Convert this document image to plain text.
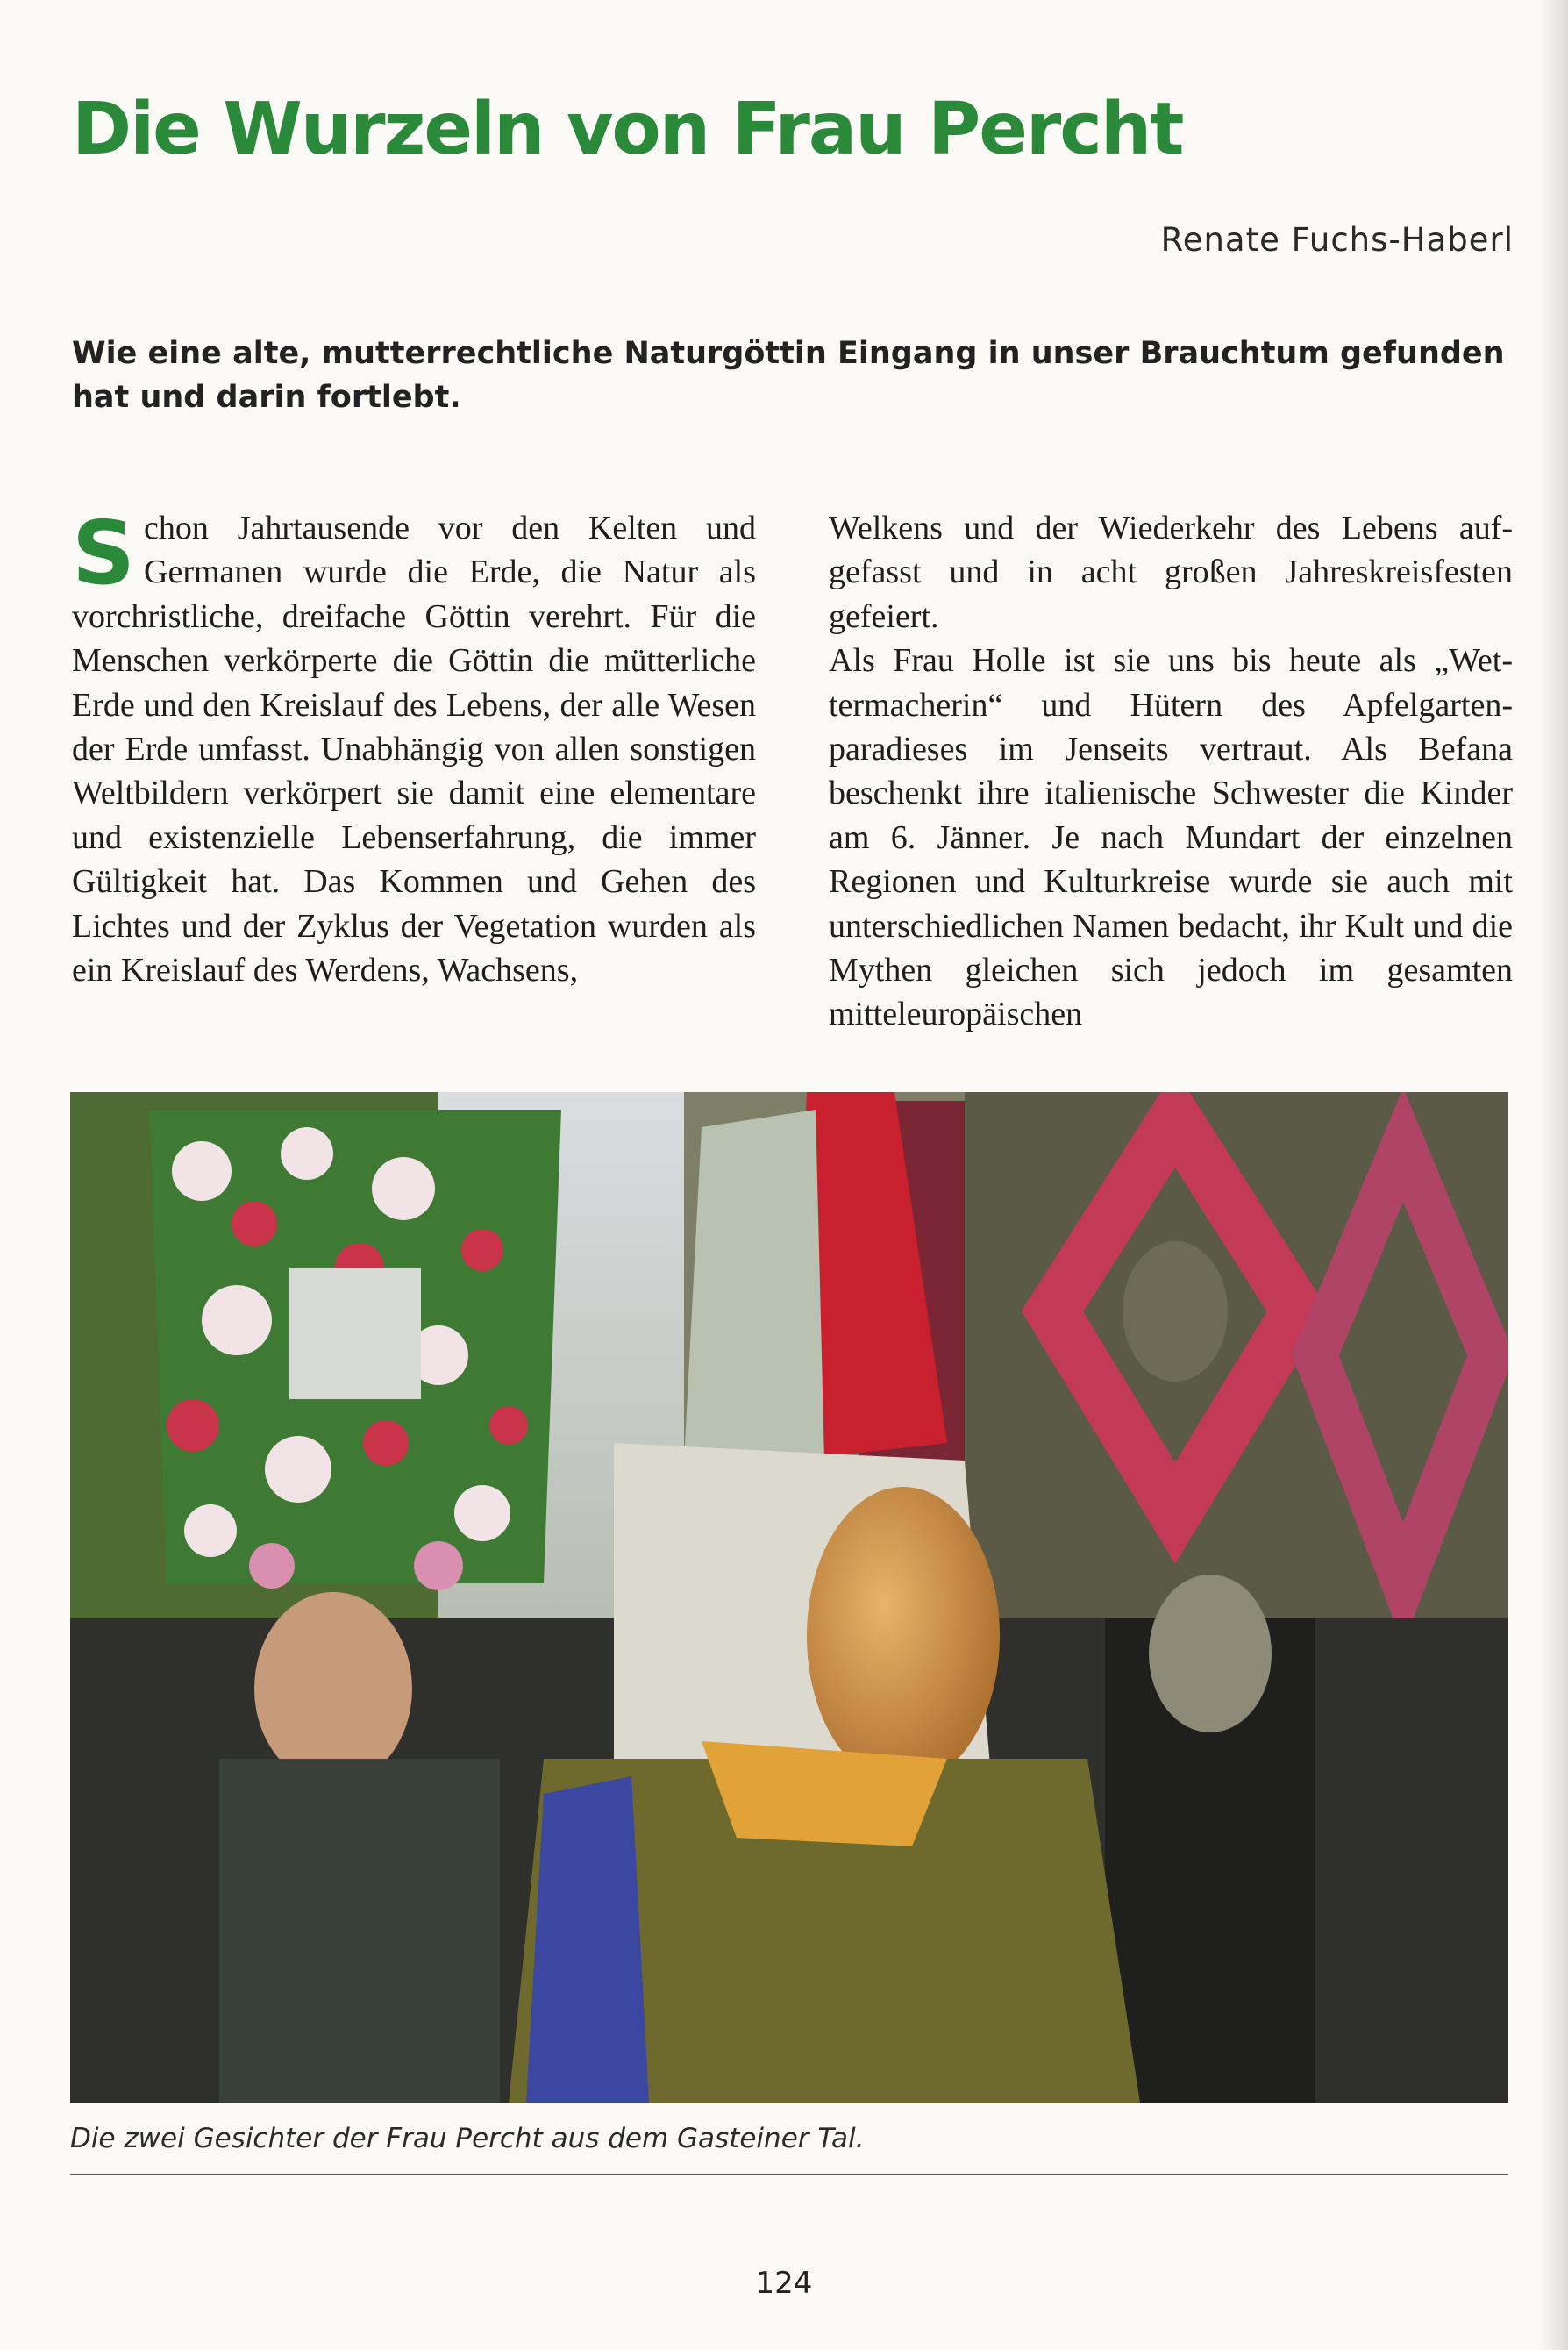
Die Wurzeln von Frau Percht
Renate Fuchs-Haberl

Wie eine alte, mutterrechtliche Naturgöttin Eingang in unser Brauchtum gefunden hat und darin fortlebt.

S chon Jahrtausende vor den Kelten und Germanen wurde die Erde, die Natur als vorchristliche, dreifache Göttin verehrt. Für die Menschen verkörperte die Göttin die mütterliche Erde und den Kreislauf des Lebens, der alle Wesen der Erde umfasst. Unabhängig von allen sonstigen Weltbildern verkörpert sie damit eine elementare und existenzielle Lebenserfahrung, die immer Gültigkeit hat. Das Kommen und Gehen des Lichtes und der Zyklus der Vegetation wurden als ein Kreislauf des Werdens, Wachsens,

Welkens und der Wiederkehr des Lebens aufgefasst und in acht großen Jahreskreisfesten gefeiert.

Als Frau Holle ist sie uns bis heute als „Wettermacherin“ und Hütern des Apfelgartenparadieses im Jenseits vertraut. Als Befana beschenkt ihre italienische Schwester die Kinder am 6. Jänner. Je nach Mundart der einzelnen Regionen und Kulturkreise wurde sie auch mit unterschiedlichen Namen bedacht, ihr Kult und die Mythen gleichen sich jedoch im gesamten mitteleuropäischen

Die zwei Gesichter der Frau Percht aus dem Gasteiner Tal.
124
